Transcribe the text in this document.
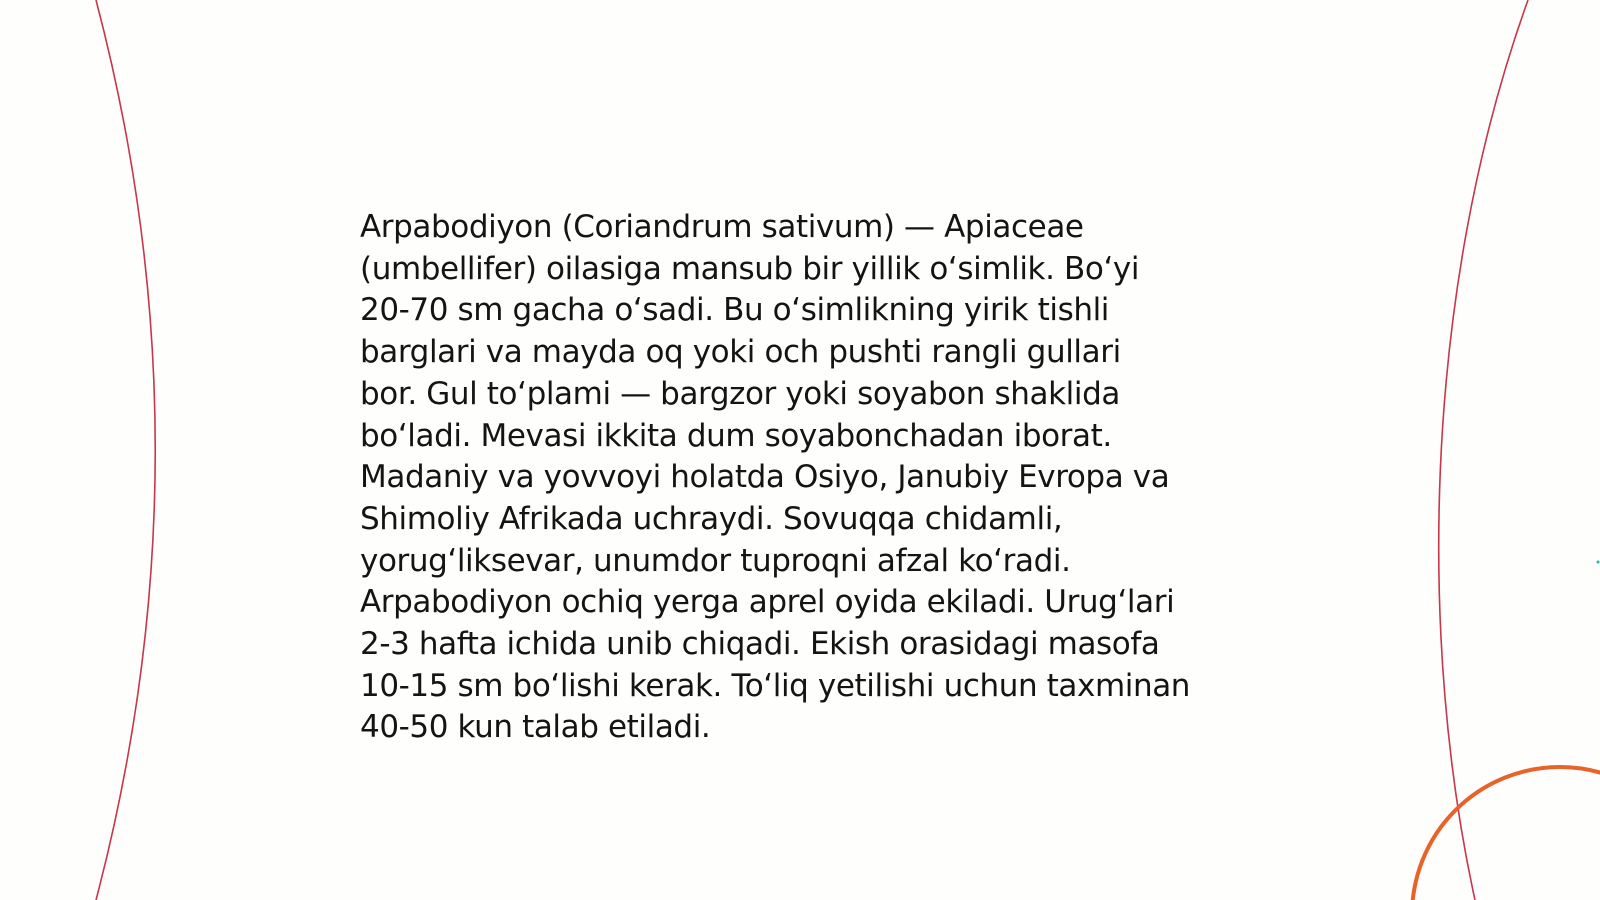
Arpabodiyon (Coriandrum sativum) — Apiaceae
(umbellifer) oilasiga mansub bir yillik oʻsimlik. Boʻyi
20-70 sm gacha oʻsadi. Bu oʻsimlikning yirik tishli
barglari va mayda oq yoki och pushti rangli gullari
bor. Gul toʻplami — bargzor yoki soyabon shaklida
boʻladi. Mevasi ikkita dum soyabonchadan iborat.
Madaniy va yovvoyi holatda Osiyo, Janubiy Evropa va
Shimoliy Afrikada uchraydi. Sovuqqa chidamli,
yorugʻliksevar, unumdor tuproqni afzal koʻradi.
Arpabodiyon ochiq yerga aprel oyida ekiladi. Urugʻlari
2-3 hafta ichida unib chiqadi. Ekish orasidagi masofa
10-15 sm boʻlishi kerak. Toʻliq yetilishi uchun taxminan
40-50 kun talab etiladi.
